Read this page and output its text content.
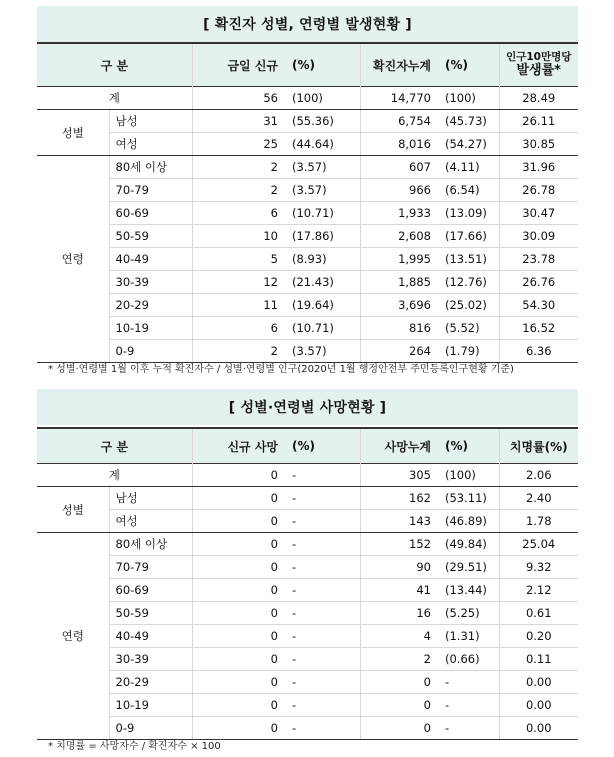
[ 확진자 성별, 연령별 발생현황 ]
구 분		금일 신규	(%)	확진자누계	(%)	인구10만명당
발생률*

계		56	(100)	14,770	(100)	28.49
성별	남성	31	(55.36)	6,754	(45.73)	26.11
	여성	25	(44.64)	8,016	(54.27)	30.85
연령	80세 이상	2	(3.57)	607	(4.11)	31.96
	70-79	2	(3.57)	966	(6.54)	26.78
	60-69	6	(10.71)	1,933	(13.09)	30.47
	50-59	10	(17.86)	2,608	(17.66)	30.09
	40-49	5	(8.93)	1,995	(13.51)	23.78
	30-39	12	(21.43)	1,885	(12.76)	26.76
	20-29	11	(19.64)	3,696	(25.02)	54.30
	10-19	6	(10.71)	816	(5.52)	16.52
	0-9	2	(3.57)	264	(1.79)	6.36
* 성별·연령별 1월 이후 누적 확진자수 / 성별·연령별 인구(2020년 1월 행정안전부 주민등록인구현황 기준)
[ 성별·연령별 사망현황 ]
구 분		신규 사망	(%)	사망누계	(%)	치명률(%)
계		0	-	305	(100)	2.06
성별	남성	0	-	162	(53.11)	2.40
	여성	0	-	143	(46.89)	1.78
연령	80세 이상	0	-	152	(49.84)	25.04
	70-79	0	-	90	(29.51)	9.32
	60-69	0	-	41	(13.44)	2.12
	50-59	0	-	16	(5.25)	0.61
	40-49	0	-	4	(1.31)	0.20
	30-39	0	-	2	(0.66)	0.11
	20-29	0	-	0	-	0.00
	10-19	0	-	0	-	0.00
	0-9	0	-	0	-	0.00
* 치명률 = 사망자수 / 확진자수 × 100
